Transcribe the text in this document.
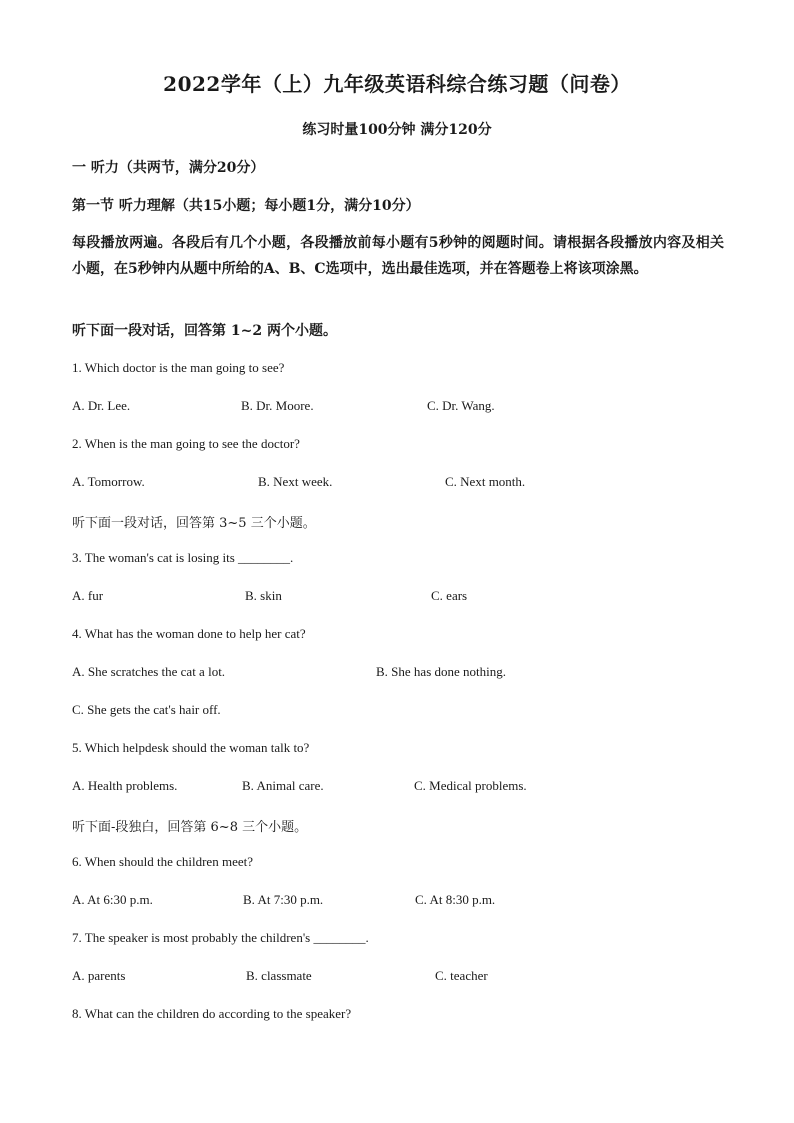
2022学年（上）九年级英语科综合练习题（问卷）
练习时量100分钟 满分120分
一 听力（共两节，满分20分）
第一节 听力理解（共15小题；每小题1分，满分10分）
每段播放两遍。各段后有几个小题，各段播放前每小题有5秒钟的阅题时间。请根据各段播放内容及相关小题，在5秒钟内从题中所给的A、B、C选项中，选出最佳选项，并在答题卷上将该项涂黑。
听下面一段对话，回答第 1~2 两个小题。
1. Which doctor is the man going to see?
A. Dr. Lee.	B. Dr. Moore.	C. Dr. Wang.
2. When is the man going to see the doctor?
A. Tomorrow.	B. Next week.	C. Next month.
听下面一段对话，回答第 3~5 三个小题。
3. The woman's cat is losing its ________.
A. fur	B. skin	C. ears
4. What has the woman done to help her cat?
A. She scratches the cat a lot.	B. She has done nothing.
C. She gets the cat's hair off.
5. Which helpdesk should the woman talk to?
A. Health problems.	B. Animal care.	C. Medical problems.
听下面-段独白，回答第 6~8 三个小题。
6. When should the children meet?
A. At 6:30 p.m.	B. At 7:30 p.m.	C. At 8:30 p.m.
7. The speaker is most probably the children's ________.
A. parents	B. classmate	C. teacher
8. What can the children do according to the speaker?
